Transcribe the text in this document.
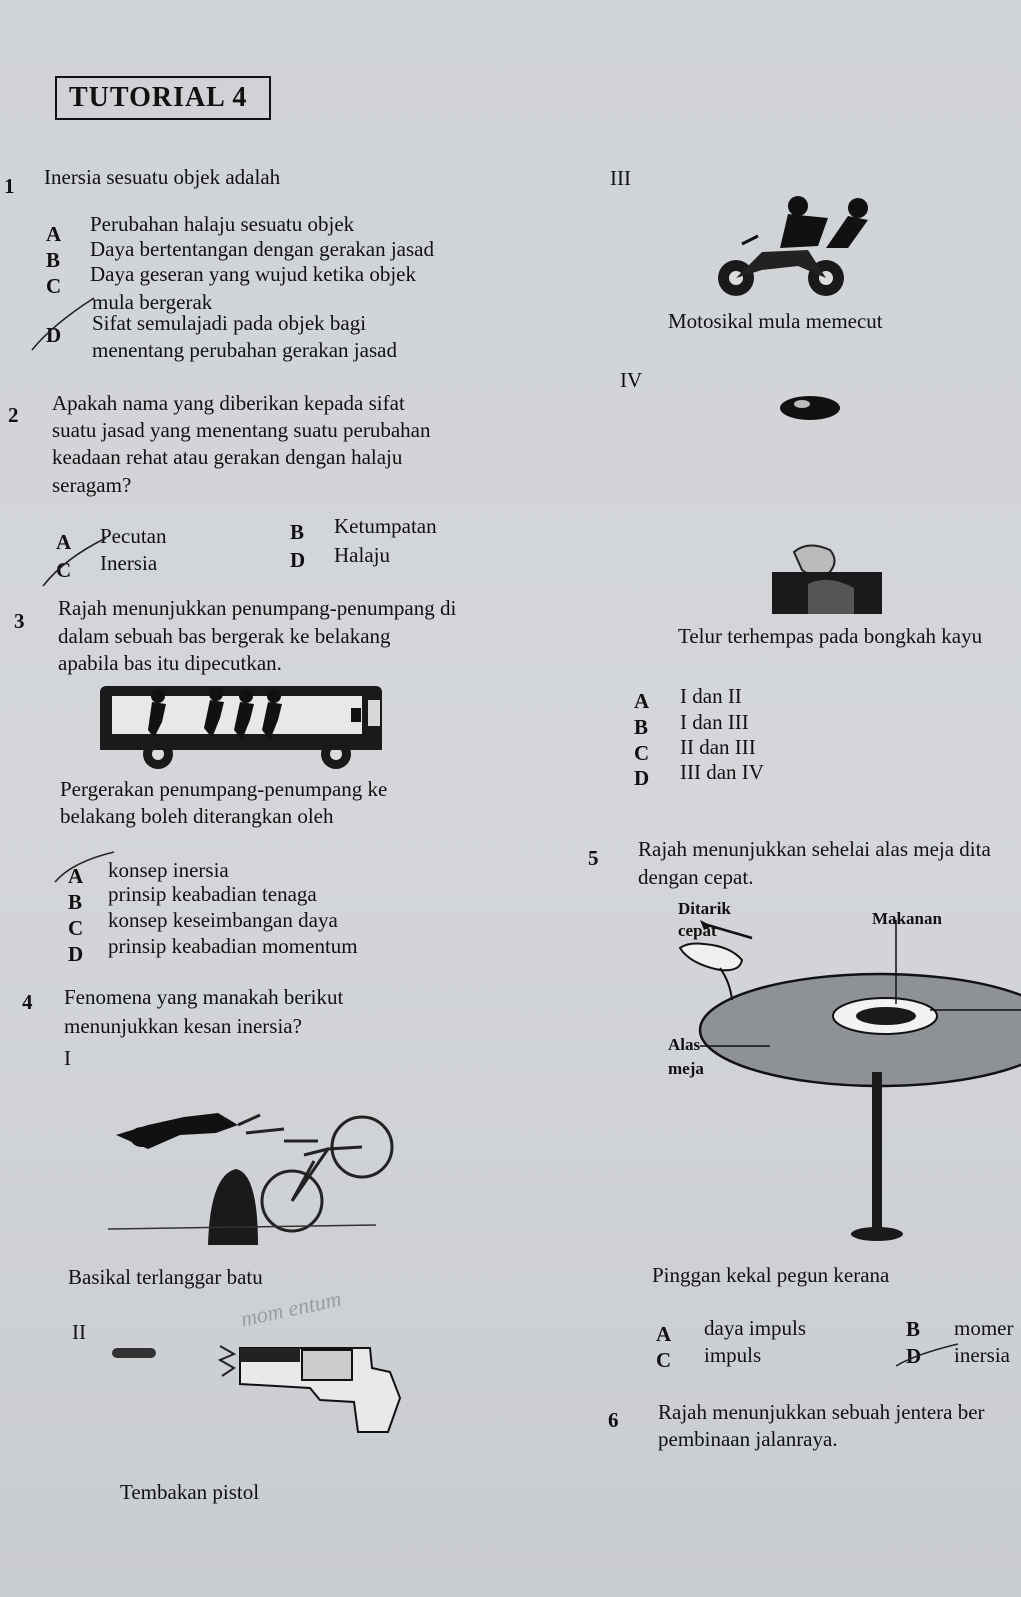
TUTORIAL 4
1 Inersia sesuatu objek adalah
A Perubahan halaju sesuatu objek
B Daya bertentangan dengan gerakan jasad
C Daya geseran yang wujud ketika objek
mula bergerak
D Sifat semulajadi pada objek bagi
menentang perubahan gerakan jasad
2 Apakah nama yang diberikan kepada sifat
suatu jasad yang menentang suatu perubahan
keadaan rehat atau gerakan dengan halaju
seragam?
A Pecutan	B Ketumpatan
C Inersia	D Halaju
3
Rajah menunjukkan penumpang-penumpang di
dalam sebuah bas bergerak ke belakang
apabila bas itu dipecutkan.
Pergerakan penumpang-penumpang ke
belakang boleh diterangkan oleh
A konsep inersia
B prinsip keabadian tenaga
C konsep keseimbangan daya
D prinsip keabadian momentum
4 Fenomena yang manakah berikut
menunjukkan kesan inersia?
I
Basikal terlanggar batu
II
Tembakan pistol
III
Motosikal mula memecut
IV
Telur terhempas pada bongkah kayu
A I dan II
B I dan III
C II dan III
D III dan IV
5 Rajah menunjukkan sehelai alas meja dita
dengan cepat.
Ditarik
cepat
Makanan
Alas
meja
Pinggan kekal pegun kerana
A daya impuls	B momer
C impuls	D inersia
6 Rajah menunjukkan sebuah jentera ber
pembinaan jalanraya.
mom entum
